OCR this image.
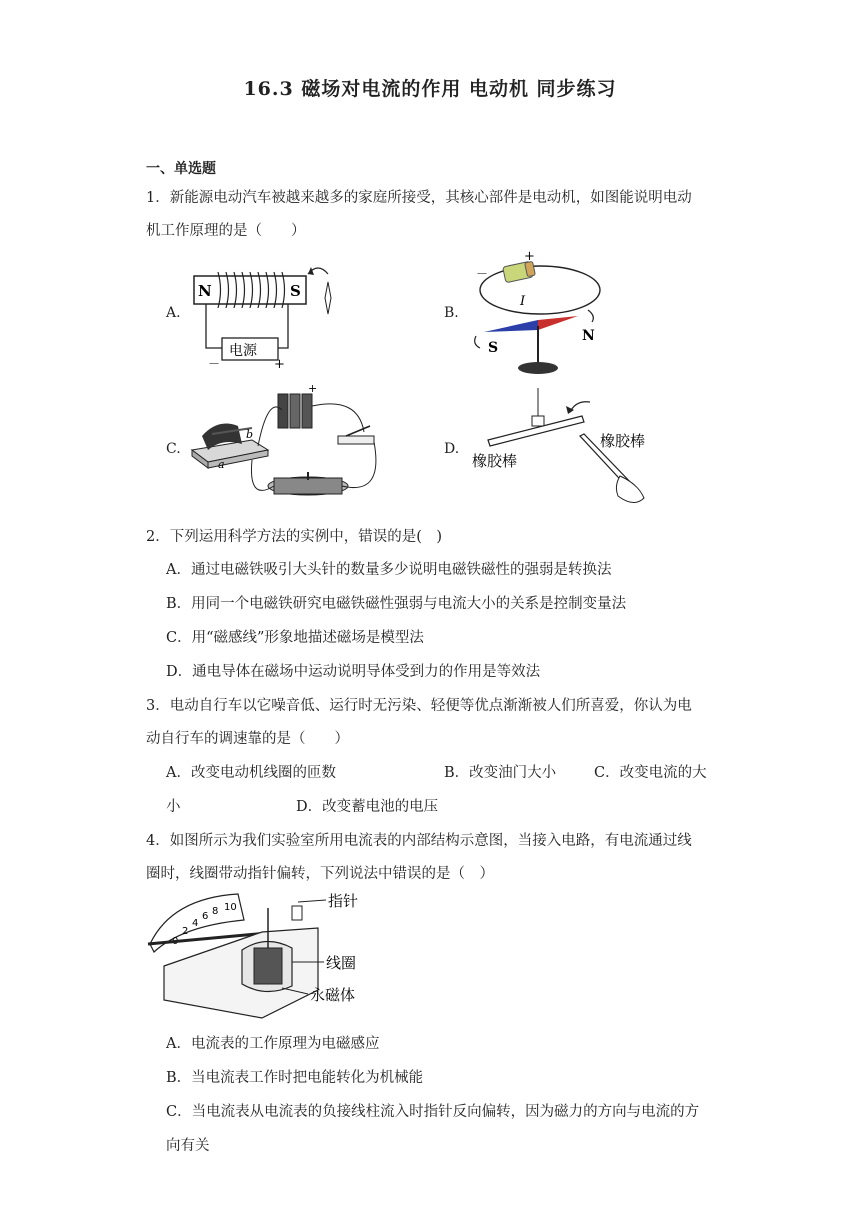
16.3 磁场对电流的作用 电动机 同步练习
一、单选题
1．新能源电动汽车被越来越多的家庭所接受，其核心部件是电动机，如图能说明电动
机工作原理的是（　　）
A.	B.
C.	D.
N	S
电源
－	+
+
－
I
S
N
a
b
+
橡胶棒
橡胶棒
2．下列运用科学方法的实例中，错误的是(　)
A．通过电磁铁吸引大头针的数量多少说明电磁铁磁性的强弱是转换法
B．用同一个电磁铁研究电磁铁磁性强弱与电流大小的关系是控制变量法
C．用“磁感线”形象地描述磁场是模型法
D．通电导体在磁场中运动说明导体受到力的作用是等效法
3．电动自行车以它噪音低、运行时无污染、轻便等优点渐渐被人们所喜爱，你认为电
动自行车的调速靠的是（　　）
A．改变电动机线圈的匝数	B．改变油门大小	C．改变电流的大
小	D．改变蓄电池的电压
4．如图所示为我们实验室所用电流表的内部结构示意图，当接入电路，有电流通过线
圈时，线圈带动指针偏转，下列说法中错误的是（　）
2
4
6 8 10	指针
线圈
永磁体
A．电流表的工作原理为电磁感应
B．当电流表工作时把电能转化为机械能
C．当电流表从电流表的负接线柱流入时指针反向偏转，因为磁力的方向与电流的方
向有关
